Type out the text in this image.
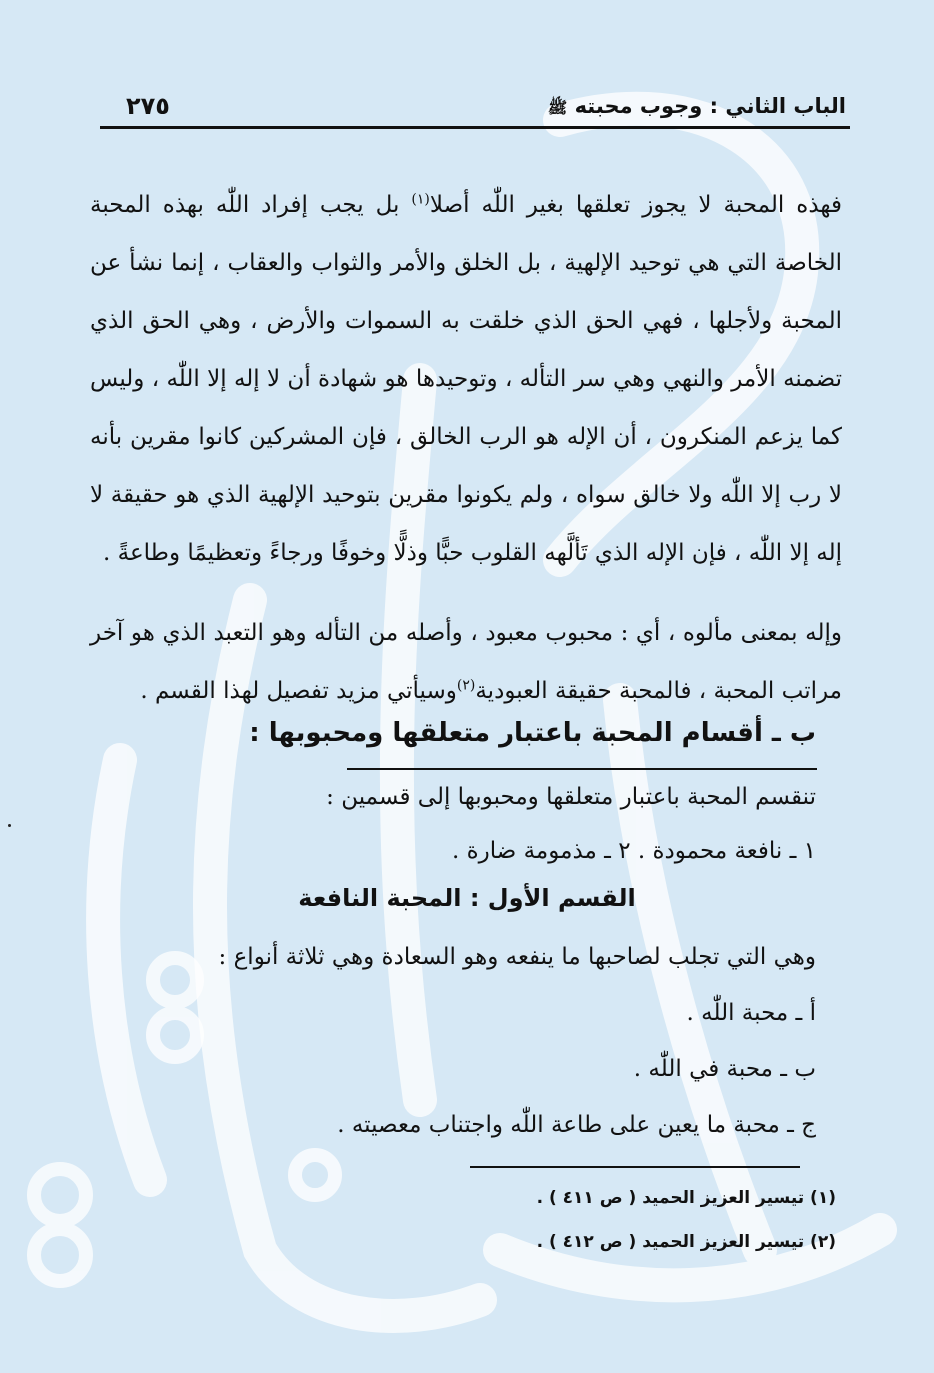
٢٧٥	الباب الثاني : وجوب محبته ﷺ
فهذه المحبة لا يجوز تعلقها بغير اللّٰه أصلا$^{(١)}$ بل يجب إفراد اللّٰه بهذه المحبة الخاصة التي هي توحيد الإلهية ، بل الخلق والأمر والثواب والعقاب ، إنما نشأ عن المحبة ولأجلها ، فهي الحق الذي خلقت به السموات والأرض ، وهي الحق الذي تضمنه الأمر والنهي وهي سر التأله ، وتوحيدها هو شهادة أن لا إله إلا اللّٰه ، وليس كما يزعم المنكرون ، أن الإله هو الرب الخالق ، فإن المشركين كانوا مقرين بأنه لا رب إلا اللّٰه ولا خالق سواه ، ولم يكونوا مقرين بتوحيد الإلهية الذي هو حقيقة لا إله إلا اللّٰه ، فإن الإله الذي تَألَّهه القلوب حبًّا وذلًّا وخوفًا ورجاءً وتعظيمًا وطاعةً .
وإله بمعنى مألوه ، أي : محبوب معبود ، وأصله من التأله وهو التعبد الذي هو آخر مراتب المحبة ، فالمحبة حقيقة العبودية$^{(٢)}$وسيأتي مزيد تفصيل لهذا القسم .
ب ـ أقسام المحبة باعتبار متعلقها ومحبوبها :
تنقسم المحبة باعتبار متعلقها ومحبوبها إلى قسمين :
١ ـ نافعة محمودة . ٢ ـ مذمومة ضارة .
القسم الأول : المحبة النافعة
وهي التي تجلب لصاحبها ما ينفعه وهو السعادة وهي ثلاثة أنواع :
أ ـ محبة اللّٰه .
ب ـ محبة في اللّٰه .
ج ـ محبة ما يعين على طاعة اللّٰه واجتناب معصيته .
(١) تيسير العزيز الحميد ( ص ٤١١ ) .
(٢) تيسير العزيز الحميد ( ص ٤١٢ ) .
